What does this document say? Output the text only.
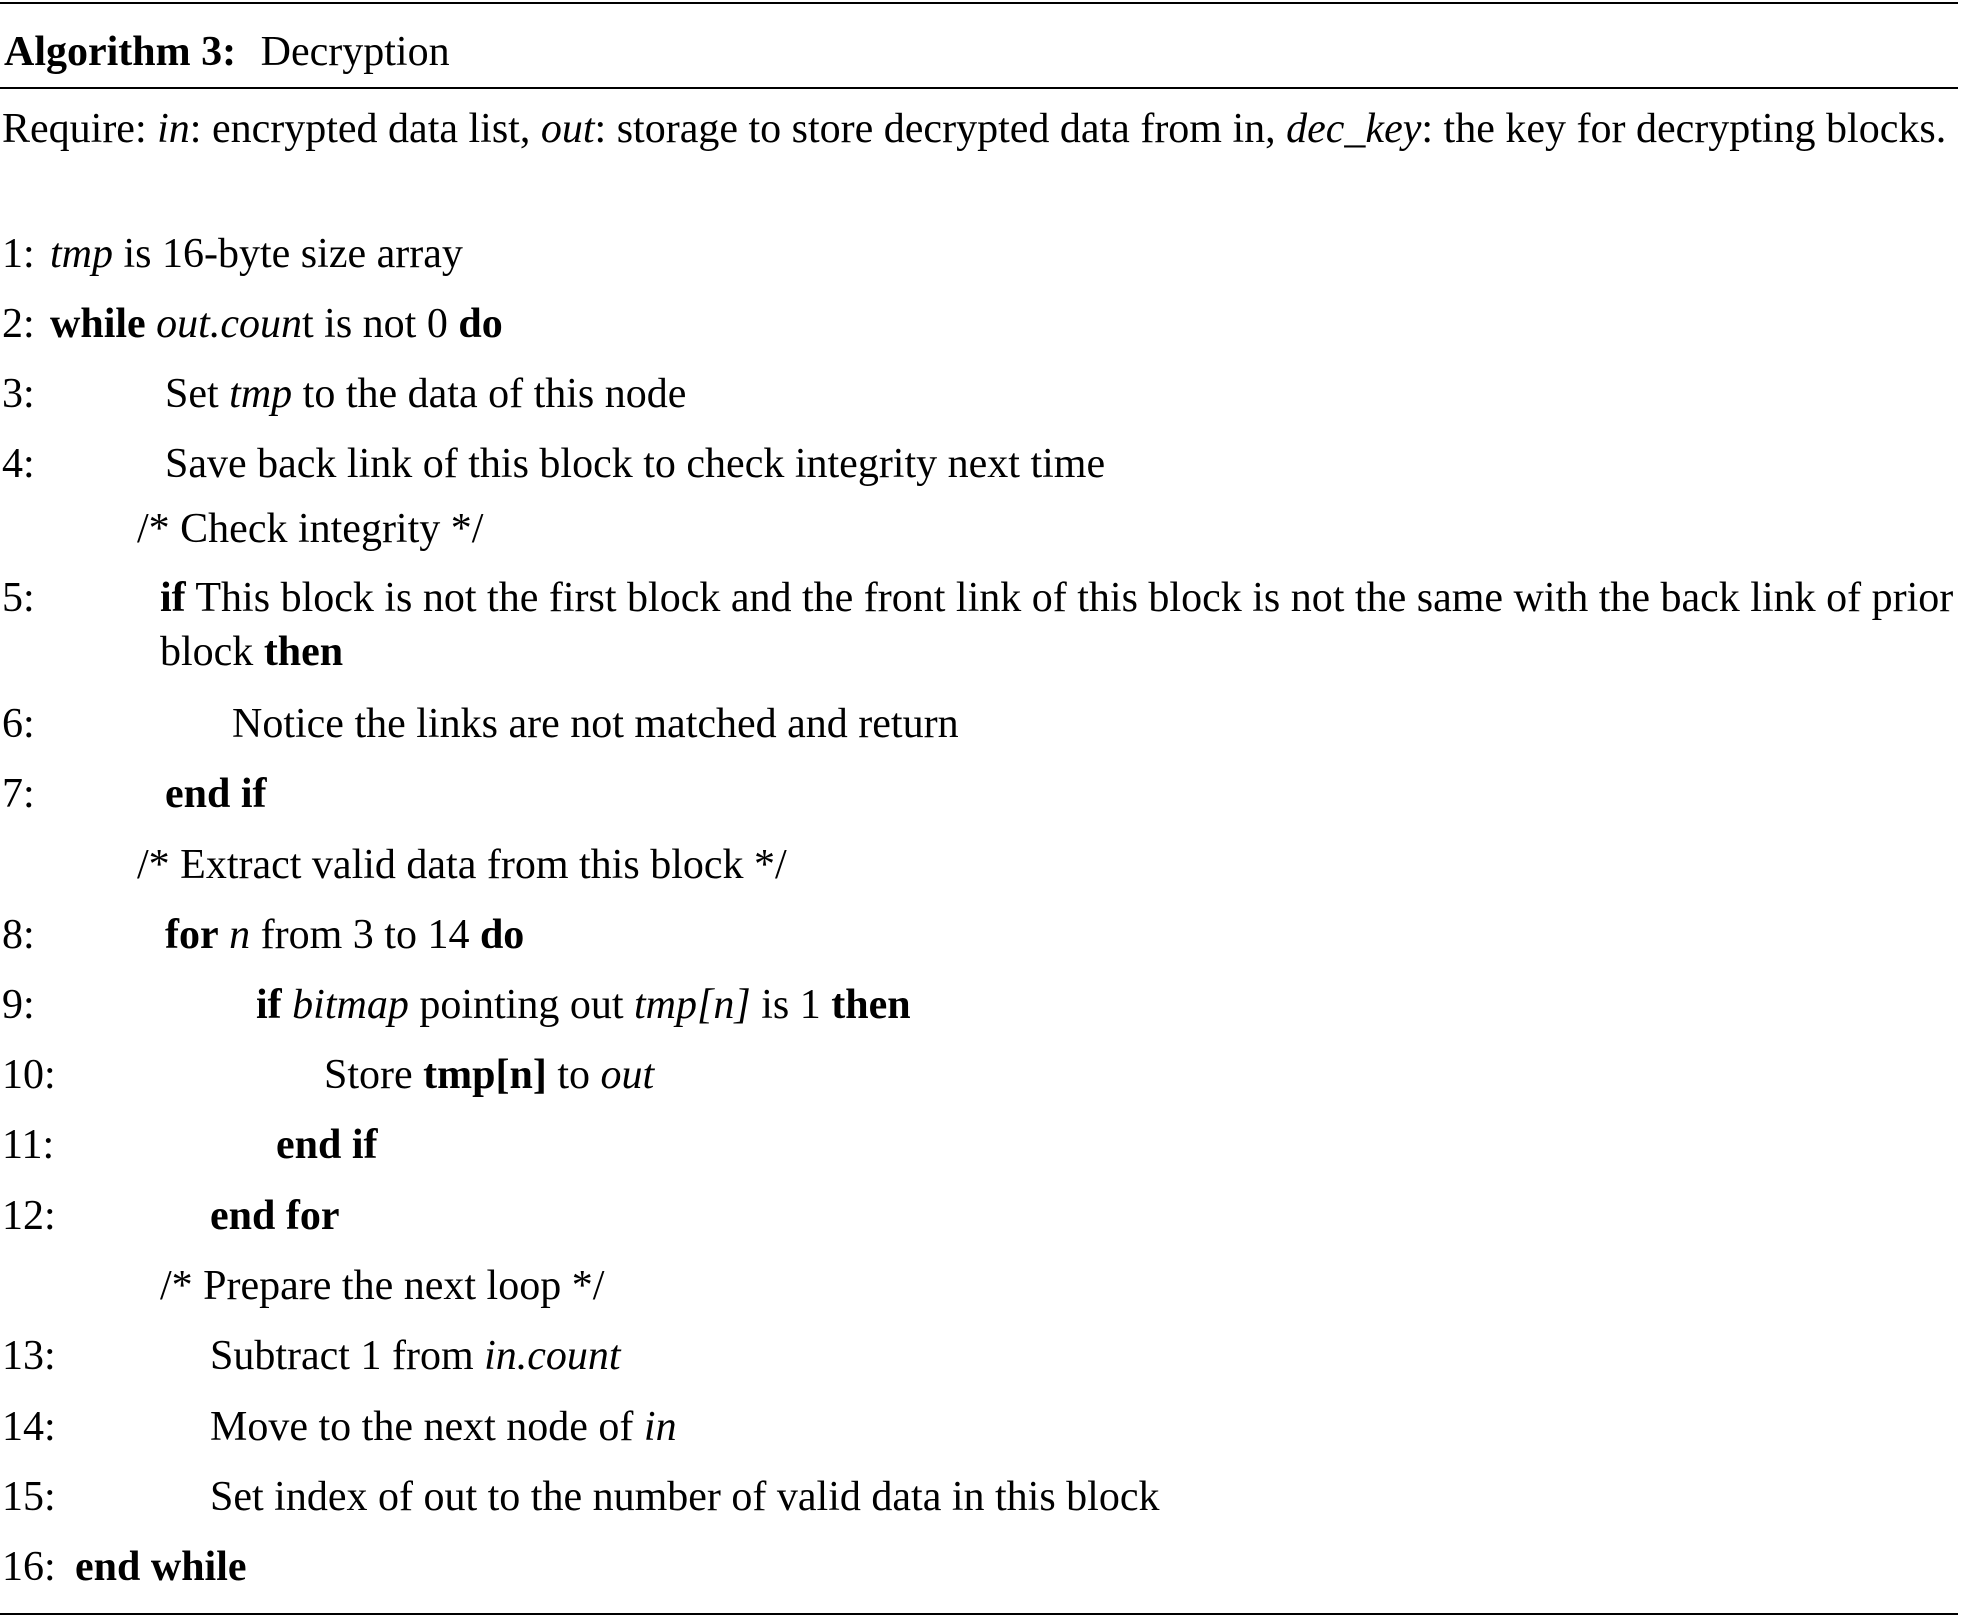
Algorithm 3: Decryption
Require: in: encrypted data list, out: storage to store decrypted data from in, dec_key: the key for decrypting blocks.
1: tmp is 16-byte size array
2: while out.count is not 0 do
3:	Set tmp to the data of this node
4:	Save back link of this block to check integrity next time
/* Check integrity */
5:	if This block is not the first block and the front link of this block is not the same with the back link of prior block then
6:	Notice the links are not matched and return
7:	end if
/* Extract valid data from this block */
8:	for n from 3 to 14 do
9:	if bitmap pointing out tmp[n] is 1 then
10:	Store tmp[n] to out
11:	end if
12:	end for
/* Prepare the next loop */
13:	Subtract 1 from in.count
14:	Move to the next node of in
15:	Set index of out to the number of valid data in this block
16: end while
